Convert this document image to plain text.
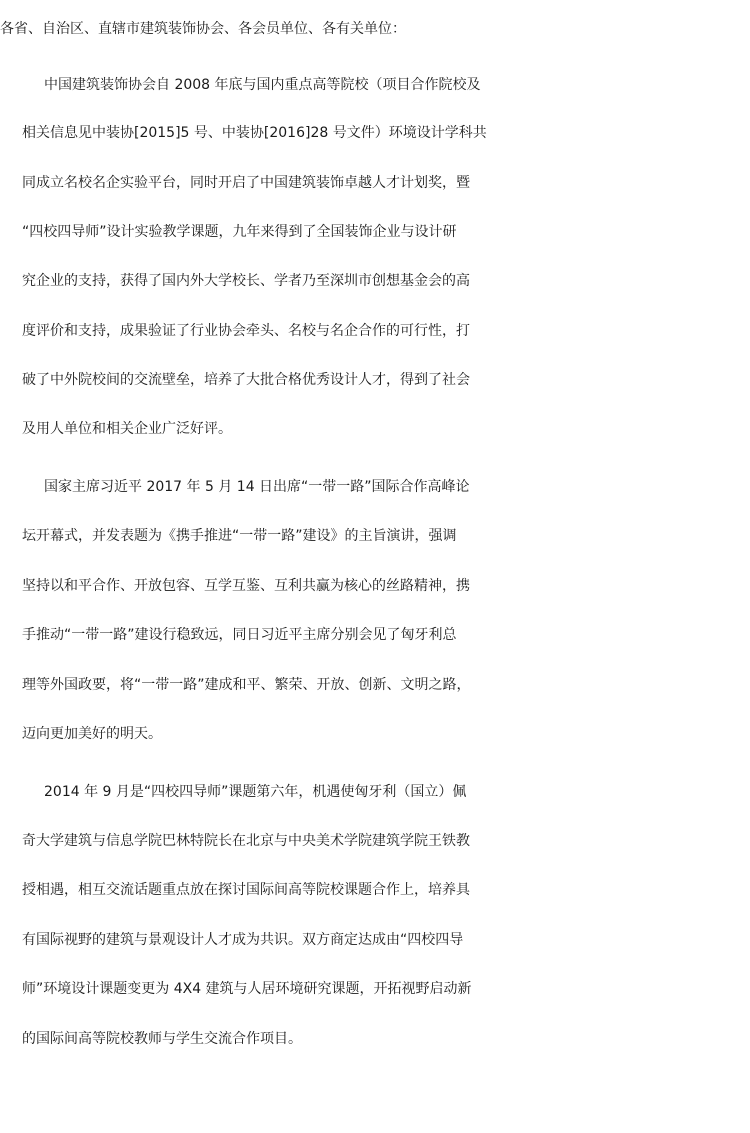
各省、自治区、直辖市建筑装饰协会、各会员单位、各有关单位：
中国建筑装饰协会自 2008 年底与国内重点高等院校（项目合作院校及
相关信息见中装协[2015]5 号、中装协[2016]28 号文件）环境设计学科共
同成立名校名企实验平台，同时开启了中国建筑装饰卓越人才计划奖，暨
“四校四导师”设计实验教学课题，九年来得到了全国装饰企业与设计研
究企业的支持，获得了国内外大学校长、学者乃至深圳市创想基金会的高
度评价和支持，成果验证了行业协会牵头、名校与名企合作的可行性，打
破了中外院校间的交流壁垒，培养了大批合格优秀设计人才，得到了社会
及用人单位和相关企业广泛好评。
国家主席习近平 2017 年 5 月 14 日出席“一带一路”国际合作高峰论
坛开幕式，并发表题为《携手推进“一带一路”建设》的主旨演讲，强调
坚持以和平合作、开放包容、互学互鉴、互利共赢为核心的丝路精神，携
手推动“一带一路”建设行稳致远，同日习近平主席分别会见了匈牙利总
理等外国政要，将“一带一路”建成和平、繁荣、开放、创新、文明之路，
迈向更加美好的明天。
2014 年 9 月是“四校四导师”课题第六年，机遇使匈牙利（国立）佩
奇大学建筑与信息学院巴林特院长在北京与中央美术学院建筑学院王铁教
授相遇，相互交流话题重点放在探讨国际间高等院校课题合作上，培养具
有国际视野的建筑与景观设计人才成为共识。双方商定达成由“四校四导
师”环境设计课题变更为 4X4 建筑与人居环境研究课题，开拓视野启动新
的国际间高等院校教师与学生交流合作项目。
